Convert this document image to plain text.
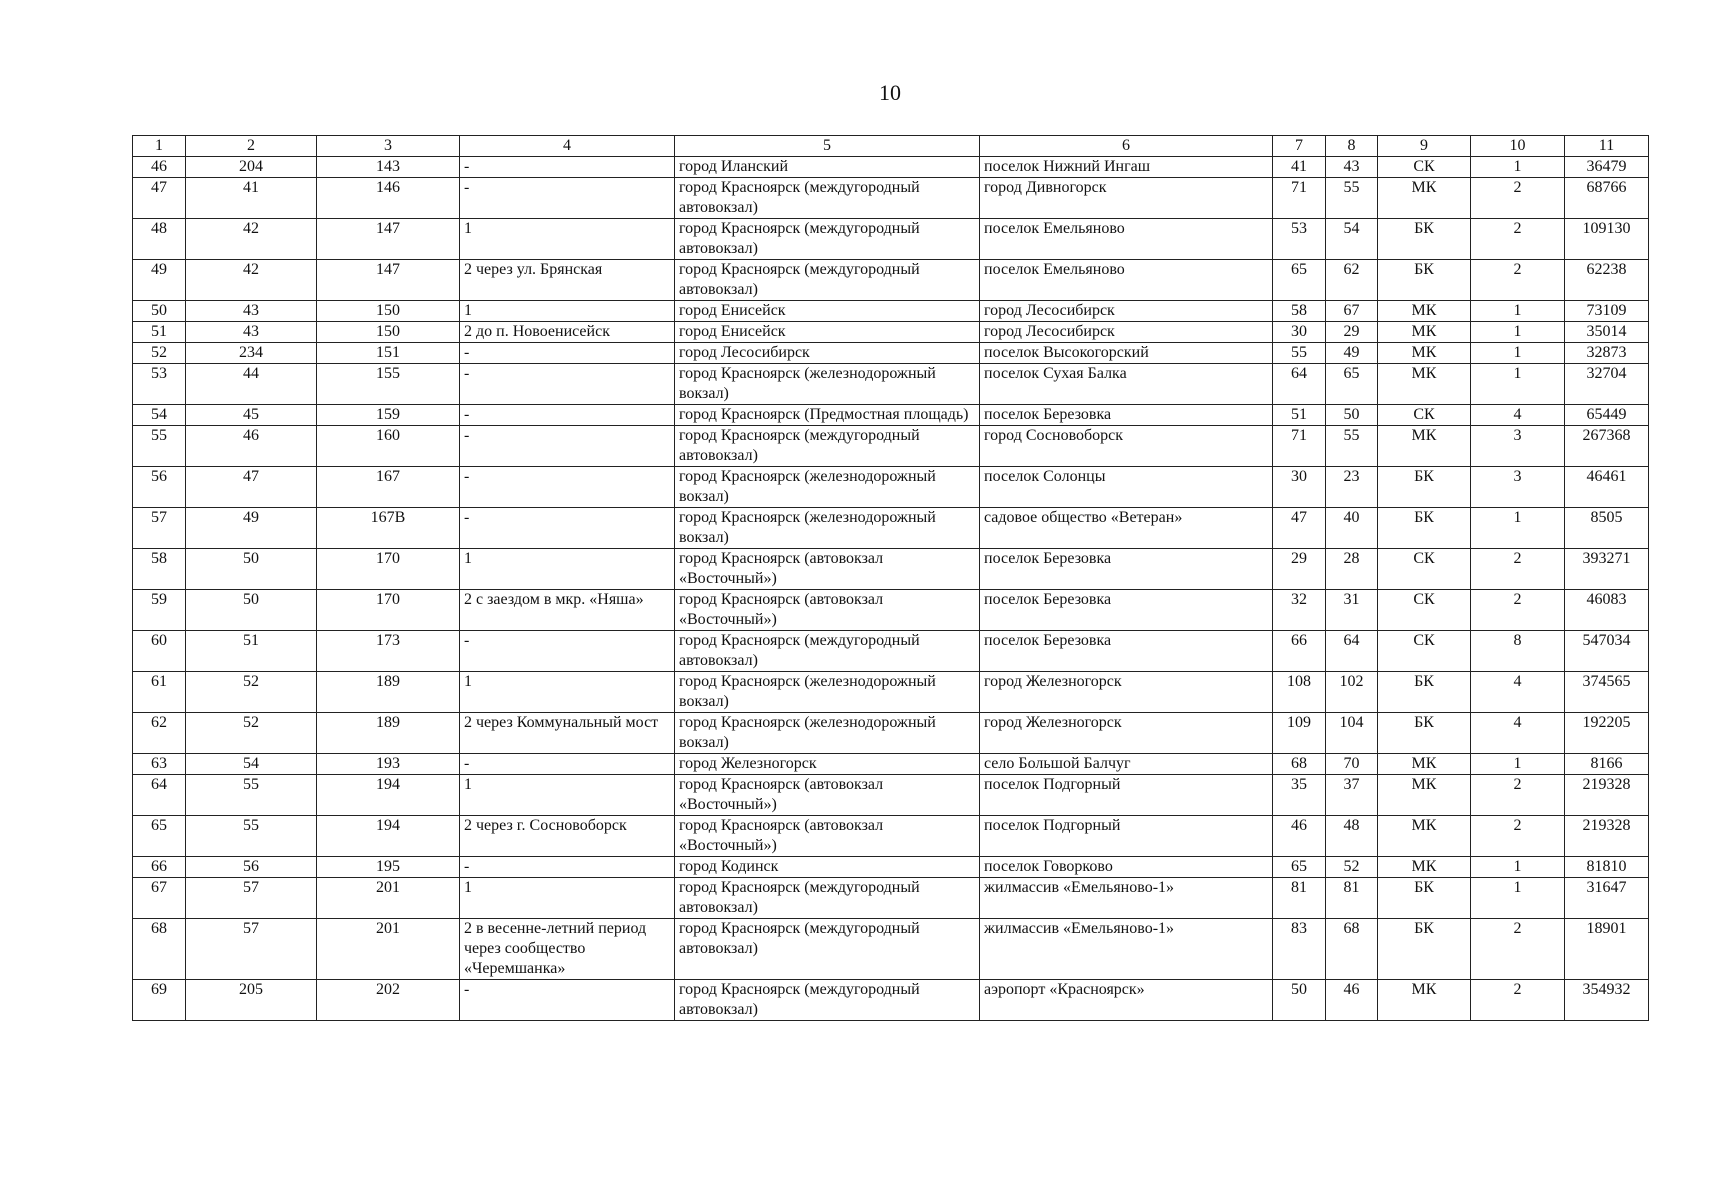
10
1	2	3	4	5	6	7	8	9	10	11
46	204	143	-	город Иланский	поселок Нижний Ингаш	41	43	СК	1	36479
47	41	146	-	город Красноярск (междугородный автовокзал)	город Дивногорск	71	55	МК	2	68766
48	42	147	1	город Красноярск (междугородный автовокзал)	поселок Емельяново	53	54	БК	2	109130
49	42	147	2 через ул. Брянская	город Красноярск (междугородный автовокзал)	поселок Емельяново	65	62	БК	2	62238
50	43	150	1	город Енисейск	город Лесосибирск	58	67	МК	1	73109
51	43	150	2 до п. Новоенисейск	город Енисейск	город Лесосибирск	30	29	МК	1	35014
52	234	151	-	город Лесосибирск	поселок Высокогорский	55	49	МК	1	32873
53	44	155	-	город Красноярск (железнодорожный вокзал)	поселок Сухая Балка	64	65	МК	1	32704
54	45	159	-	город Красноярск (Предмостная площадь)	поселок Березовка	51	50	СК	4	65449
55	46	160	-	город Красноярск (междугородный автовокзал)	город Сосновоборск	71	55	МК	3	267368
56	47	167	-	город Красноярск (железнодорожный вокзал)	поселок Солонцы	30	23	БК	3	46461
57	49	167В	-	город Красноярск (железнодорожный вокзал)	садовое общество «Ветеран»	47	40	БК	1	8505
58	50	170	1	город Красноярск (автовокзал «Восточный»)	поселок Березовка	29	28	СК	2	393271
59	50	170	2 с заездом в мкр. «Няша»	город Красноярск (автовокзал «Восточный»)	поселок Березовка	32	31	СК	2	46083
60	51	173	-	город Красноярск (междугородный автовокзал)	поселок Березовка	66	64	СК	8	547034
61	52	189	1	город Красноярск (железнодорожный вокзал)	город Железногорск	108	102	БК	4	374565
62	52	189	2 через Коммунальный мост	город Красноярск (железнодорожный вокзал)	город Железногорск	109	104	БК	4	192205
63	54	193	-	город Железногорск	село Большой Балчуг	68	70	МК	1	8166
64	55	194	1	город Красноярск (автовокзал «Восточный»)	поселок Подгорный	35	37	МК	2	219328
65	55	194	2 через г. Сосновоборск	город Красноярск (автовокзал «Восточный»)	поселок Подгорный	46	48	МК	2	219328
66	56	195	-	город Кодинск	поселок Говорково	65	52	МК	1	81810
67	57	201	1	город Красноярск (междугородный автовокзал)	жилмассив «Емельяново-1»	81	81	БК	1	31647
68	57	201	2 в весенне-летний период через сообщество «Черемшанка»	город Красноярск (междугородный автовокзал)	жилмассив «Емельяново-1»	83	68	БК	2	18901
69	205	202	-	город Красноярск (междугородный автовокзал)	аэропорт «Красноярск»	50	46	МК	2	354932
